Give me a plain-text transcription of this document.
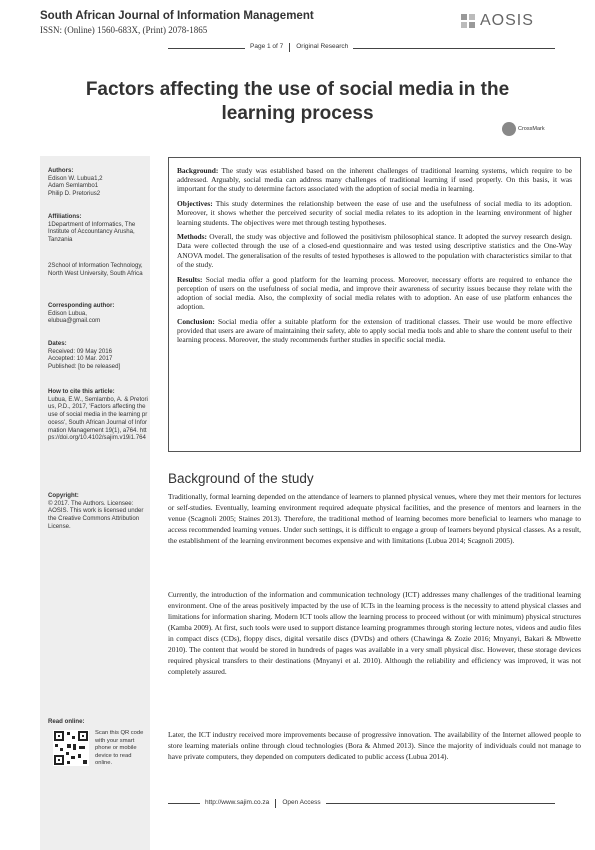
South African Journal of Information Management
ISSN: (Online) 1560-683X, (Print) 2078-1865
AOSIS
Page 1 of 7 Original Research
Factors affecting the use of social media in the learning process
CrossMark

Authors:

Edison W. Lubua1,2

Adam Semlambo1

Philip D. Pretorius2

Affiliations:

1Department of Informatics, The Institute of Accountancy Arusha, Tanzania

2School of Information Technology, North West University, South Africa

Corresponding author:

Edison Lubua,

elubua@gmail.com

Dates:

Received: 09 May 2016

Accepted: 10 Mar. 2017

Published: [to be released]

How to cite this article:

Lubua, E.W., Semlambo, A. & Pretorius, P.D., 2017, 'Factors affecting the use of social media in the learning process', South African Journal of Information Management 19(1), a764. https://doi.org/10.4102/sajim.v19i1.764

Copyright:

© 2017. The Authors. Licensee: AOSIS. This work is licensed under the Creative Commons Attribution License.

Read online:

Scan this QR code with your smart phone or mobile device to read online.

Background: The study was established based on the inherent challenges of traditional learning systems, which require to be addressed. Arguably, social media can address many challenges of traditional learning if used properly. On this basis, it was important for the study to determine factors associated with the adoption of social media in learning.

Objectives: This study determines the relationship between the ease of use and the usefulness of social media to its adoption. Moreover, it shows whether the perceived security of social media relates to its adoption in the learning environment of higher learning students. The objectives were met through testing hypotheses.

Methods: Overall, the study was objective and followed the positivism philosophical stance. It adopted the survey research design. Data were collected through the use of a closed-end questionnaire and was tested using descriptive statistics and the One-Way ANOVA model. The generalisation of the results of tested hypotheses is allowed to the population with characteristics similar to that of the study.

Results: Social media offer a good platform for the learning process. Moreover, necessary efforts are required to enhance the perception of users on the usefulness of social media, and improve their awareness of security issues because they relate with the adoption of social media. Also, the complexity of social media relates with to adoption. An ease of use platform enhances the adoption.

Conclusion: Social media offer a suitable platform for the extension of traditional classes. Their use would be more effective provided that users are aware of maintaining their safety, able to apply social media tools and able to share the content useful to their learning process. Moreover, the study recommends further studies in specific social media.

Background of the study

Traditionally, formal learning depended on the attendance of learners to planned physical venues, where they met their mentors for lectures or self-studies. Eventually, learning environment required adequate physical facilities, and the presence of mentors and learners in the venue (Scagnoli 2005; Staines 2013). Therefore, the traditional method of learning becomes more beneficial to learners who manage to access recommended learning venues. Under such settings, it is difficult to engage a group of learners beyond physical classes. As a result, the establishment of the learning environment becomes expensive and with limitations (Lubua 2014; Scagnoli 2005).

Currently, the introduction of the information and communication technology (ICT) addresses many challenges of the traditional learning environment. One of the areas positively impacted by the use of ICTs in the learning process is the necessity to attend physical classes and limitations for information sharing. Modern ICT tools allow the learning process to proceed without (or with minimum) physical structures (Kamba 2009). At first, such tools were used to support distance learning programmes through storing lecture notes, videos and audio files in compact discs (CDs), floppy discs, digital versatile discs (DVDs) and others (Chawinga & Zozie 2016; Mnyanyi, Bakari & Mbwette 2010). The content that would be stored in hundreds of pages was available in a very small physical disc. However, these storage devices required physical transfers to their destinations (Mnyanyi et al. 2010). Although the reliability and efficiency was improved, it was not completely assured.

Later, the ICT industry received more improvements because of progressive innovation. The availability of the Internet allowed people to store learning materials online through cloud technologies (Bora & Ahmed 2013). Since the majority of individuals could not manage to have private computers, they depended on computers dedicated to public access (Lubua 2014).

http://www.sajim.co.za Open Access
